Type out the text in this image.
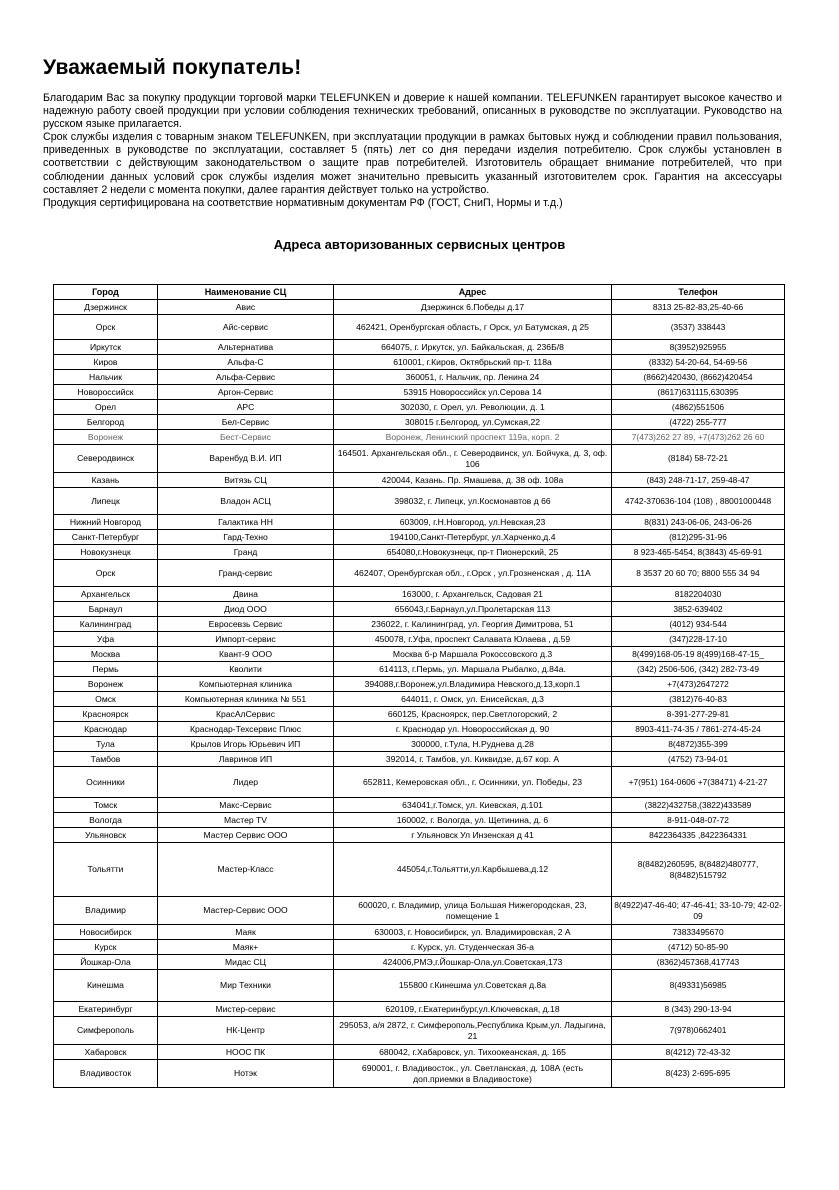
Уважаемый покупатель!

Благодарим Вас за покупку продукции торговой марки TELEFUNKEN и доверие к нашей компании. TELEFUNKEN гарантирует высокое качество и надежную работу своей продукции при условии соблюдения технических требований, описанных в руководстве по эксплуатации. Руководство на русском языке прилагается.

Срок службы изделия с товарным знаком TELEFUNKEN, при эксплуатации продукции в рамках бытовых нужд и соблюдении правил пользования, приведенных в руководстве по эксплуатации, составляет 5 (пять) лет со дня передачи изделия потребителю. Срок службы установлен в соответствии с действующим законодательством о защите прав потребителей. Изготовитель обращает внимание потребителей, что при соблюдении данных условий срок службы изделия может значительно превысить указанный изготовителем срок. Гарантия на аксессуары составляет 2 недели с момента покупки, далее гарантия действует только на устройство.

Продукция сертифицирована на соответствие нормативным документам РФ (ГОСТ, СниП, Нормы и т.д.)

Адреса авторизованных сервисных центров
Город	Наименование СЦ	Адрес	Телефон
Дзержинск	Авис	Дзержинск 6.Победы д.17	8313 25-82-83,25-40-66
Орск	Айс-сервис	462421, Оренбургская область, г Орск, ул Батумская, д 25	(3537) 338443
Иркутск	Альтернатива	664075, г. Иркутск, ул. Байкальская, д. 236Б/8	8(3952)925955
Киров	Альфа-С	610001, г.Киров, Октябрьский пр-т. 118а	(8332) 54-20-64, 54-69-56
Нальчик	Альфа-Сервис	360051, г. Нальчик, пр. Ленина 24	(8662)420430, (8662)420454
Новороссийск	Аргон-Сервис	53915 Новороссийск ул.Серова 14	(8617)631115,630395
Орел	АРС	302030, г. Орел, ул. Революции, д. 1	(4862)551506
Белгород	Бел-Сервис	308015 г.Белгород, ул.Сумская,22	(4722) 255-777
Воронеж	Бест-Сервис	Воронеж, Ленинский проспект 119а, корп. 2	7(473)262 27 89, +7(473)262 26 60
Северодвинск	Варенбуд В.И. ИП	164501. Архангельская обл., г. Северодвинск, ул. Бойчука, д. 3, оф. 106	(8184) 58-72-21
Казань	Витязь СЦ	420044, Казань. Пр. Ямашева, д. 38 оф. 108а	(843) 248-71-17, 259-48-47
Липецк	Владон АСЦ	398032, г. Липецк, ул.Космонавтов д 66	4742-370636-104 (108) , 88001000448
Нижний Новгород	Галактика НН	603009, г.Н.Новгород, ул.Невская,23	8(831) 243-06-06, 243-06-26
Санкт-Петербург	Гард-Техно	194100,Санкт-Петербург, ул.Харченко,д.4	(812)295-31-96
Новокузнецк	Гранд	654080,г.Новокузнецк, пр-т Пионерский, 25	8 923-465-5454, 8(3843) 45-69-91
Орск	Гранд-сервис	462407, Оренбургская обл., г.Орск , ул.Грозненская , д. 11А	8 3537 20 60 70; 8800 555 34 94
Архангельск	Двина	163000, г. Архангельск, Садовая 21	8182204030
Барнаул	Диод ООО	656043,г.Барнаул,ул.Пролетарская 113	3852-639402
Калининград	Евросевзь Сервис	236022, г. Калининград, ул. Георгия Димитрова, 51	(4012) 934-544
Уфа	Импорт-сервис	450078, г.Уфа, проспект Салавата Юлаева , д.59	(347)228-17-10
Москва	Квант-9 ООО	Москва б-р Маршала Рокоссовского д.3	8(499)168-05-19 8(499)168-47-15_
Пермь	Кволити	614113, г.Пермь, ул. Маршала Рыбалко, д.84а.	(342) 2506-506, (342) 282-73-49
Воронеж	Компьютерная клиника	394088,г.Воронеж,ул.Владимира Невского,д.13,корп.1	+7(473)2647272
Омск	Компьютерная клиника № 551	644011, г. Омск, ул. Енисейская, д.3	(3812)76-40-83
Красноярск	КрасАлСервис	660125, Красноярск, пер.Светлогорский, 2	8-391-277-29-81
Краснодар	Краснодар-Техсервис Плюс	г. Краснодар ул. Новороссийская д. 90	8903-411-74-35 / 7861-274-45-24
Тула	Крылов Игорь Юрьевич ИП	300000, г.Тула, Н.Руднева д.28	8(4872)355-399
Тамбов	Лавринов ИП	392014, г. Тамбов, ул. Киквидзе, д.67 кор. А	(4752) 73-94-01
Осинники	Лидер	652811, Кемеровская обл., г. Осинники, ул. Победы, 23	+7(951) 164-0606 +7(38471) 4-21-27
Томск	Макс-Сервис	634041,г.Томск, ул. Киевская, д.101	(3822)432758,(3822)433589
Вологда	Мастер TV	160002, г. Вологда, ул. Щетинина, д. 6	8-911-048-07-72
Ульяновск	Мастер Сервис ООО	г Ульяновск Ул Инзенская д 41	8422364335 ,8422364331
Тольятти	Мастер-Класс	445054,г.Тольятти,ул.Карбышева,д.12	8(8482)260595, 8(8482)480777, 8(8482)515792
Владимир	Мастер-Сервис ООО	600020, г. Владимир, улица Большая Нижегородская, 23, помещение 1	8(4922)47-46-40; 47-46-41; 33-10-79; 42-02-09
Новосибирск	Маяк	630003, г. Новосибирск, ул. Владимировская, 2 А	73833495670
Курск	Маяк+	г. Курск, ул. Студенческая 36-а	(4712) 50-85-90
Йошкар-Ола	Мидас СЦ	424006,РМЭ,г.Йошкар-Ола,ул.Советская,173	(8362)457368,417743
Кинешма	Мир Техники	155800 г.Кинешма ул.Советская д.8а	8(49331)56985
Екатеринбург	Мистер-сервис	620109, г.Екатеринбург,ул.Ключевская, д.18	8 (343) 290-13-94
Симферополь	НК-Центр	295053, а/я 2872, г. Симферополь,Республика Крым,ул. Ладыгина, 21	7(978)0662401
Хабаровск	НООС ПК	680042, г.Хабаровск, ул. Тихоокеанская, д. 165	8(4212) 72-43-32
Владивосток	Нотэк	690001, г. Владивосток., ул. Светланская, д. 108А (есть доп.приемки в Владивостоке)	8(423) 2-695-695
